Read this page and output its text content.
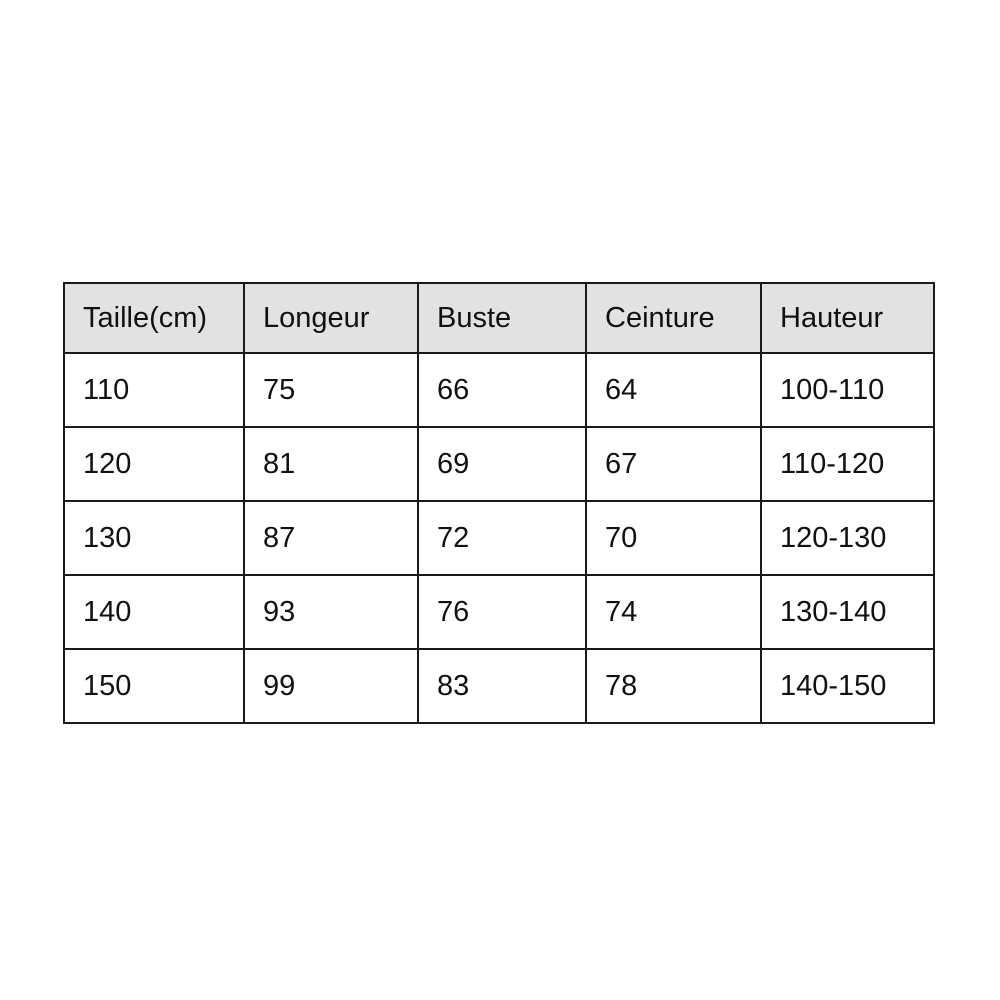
Taille(cm)	Longeur	Buste	Ceinture	Hauteur
110	75	66	64	100-110
120	81	69	67	110-120
130	87	72	70	120-130
140	93	76	74	130-140
150	99	83	78	140-150
